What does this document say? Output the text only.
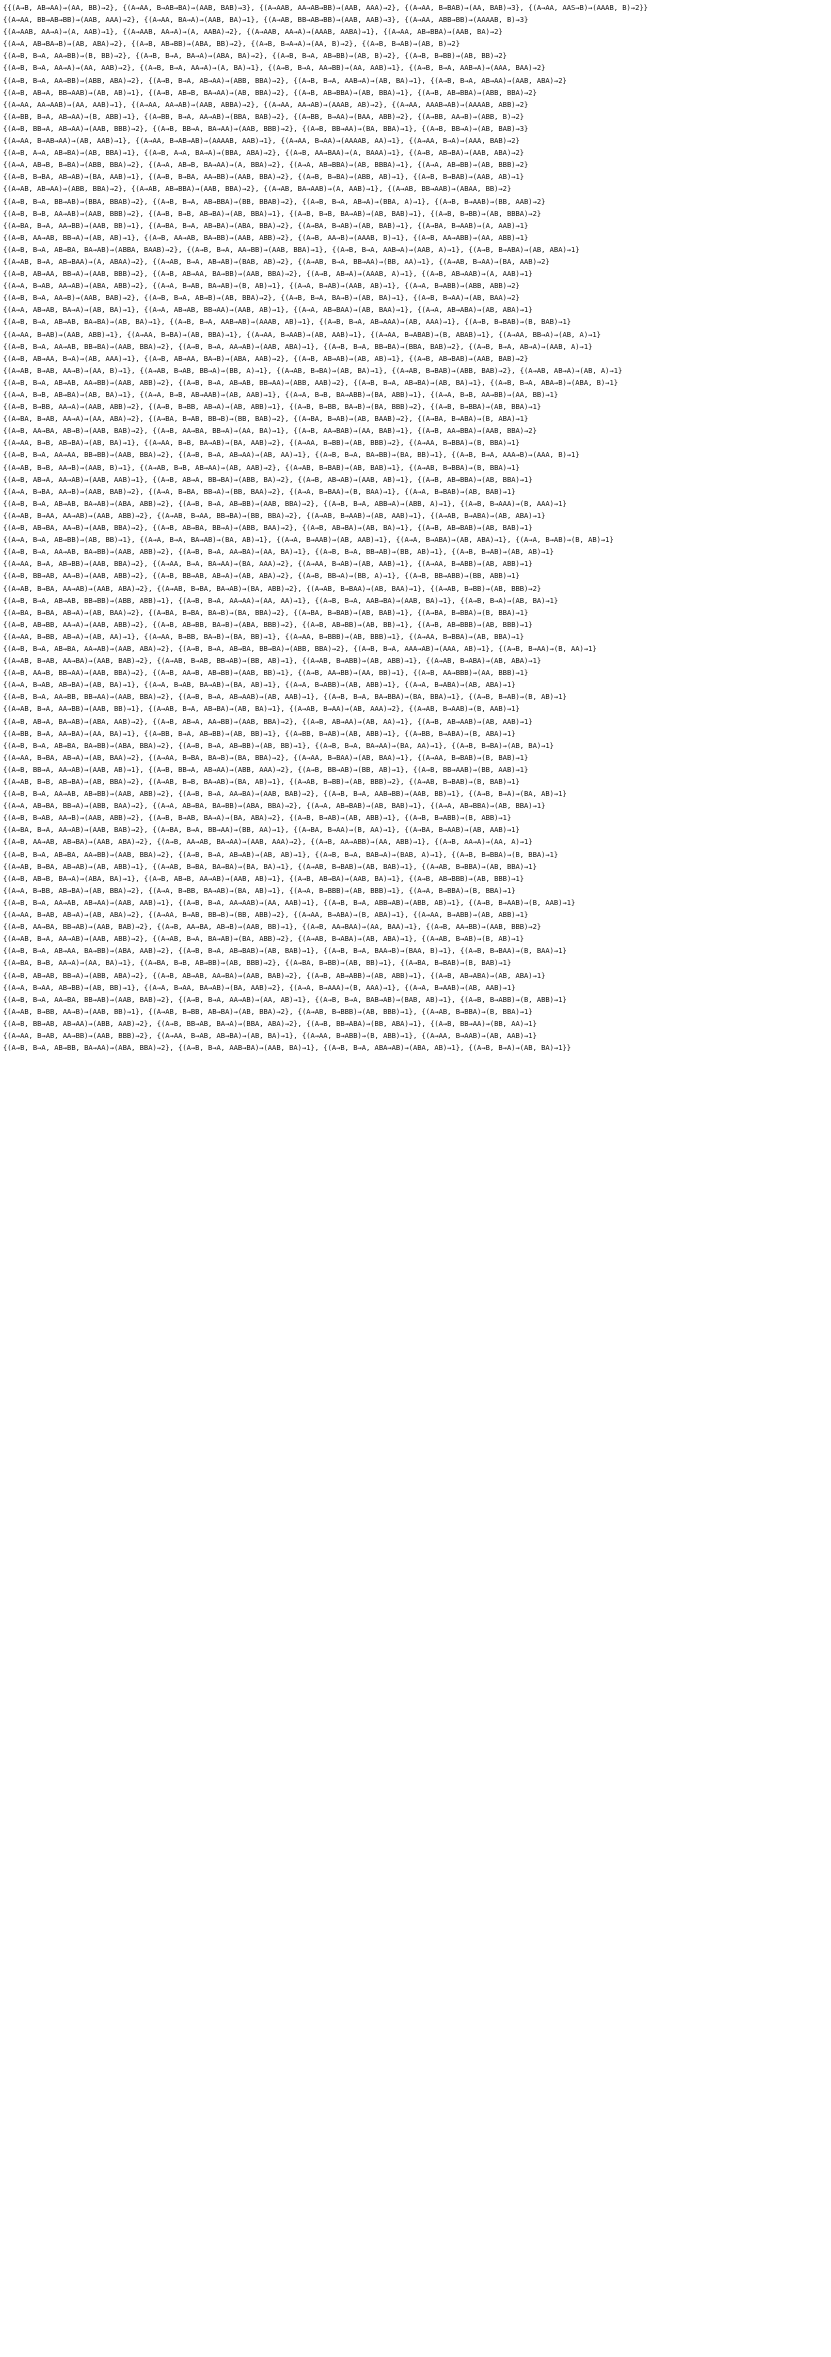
{{(A→B, AB→AA)→(AA, BB)→2}, {(A→AA, B→AB→BA)→(AAB, BAB)→3}, {(A→AAB, AA→AB→BB)→(AAB, AAA)→2}, {(A→AA, B→BAB)→(AA, BAB)→3}, {(A→AA, AAS→B)→(AAAB, B)→2}}
{(A→AA, BB→AB→BB)→(AAB, AAA)→2}, {(A→AA, BA→A)→(AAB, BA)→1}, {(A→AB, BB→AB→BB)→(AAB, AAB)→3}, {(A→AA, ABB→BB)→(AAAAB, B)→3}
{(A→AAB, AA→A)→(A, AAB)→1}, {(A→AAB, AA→A)→(A, AABA)→2}, {(A→AAB, AA→A)→(AAAB, AABA)→1}, {(A→AA, AB→BBA)→(AAB, BA)→2}
{(A→A, AB→BA→B)→(AB, ABA)→2}, {(A→B, AB→BB)→(ABA, BB)→2}, {(A→B, B→A→A)→(AA, B)→2}, {(A→B, B→AB)→(AB, B)→2}
{(A→B, B→A, AA→BB)→(B, BB)→2}, {(A→B, B→A, BA→A)→(ABA, BA)→2}, {(A→B, B→A, AB→BB)→(AB, B)→2}, {(A→B, B→BB)→(AB, BB)→2}
{(A→B, B→A, AA→A)→(AA, AAB)→2}, {(A→B, B→A, AA→A)→(A, BA)→1}, {(A→B, B→A, AA→BB)→(AA, AAB)→1}, {(A→B, B→A, AAB→A)→(AAA, BAA)→2}
{(A→B, B→A, AA→BB)→(ABB, ABA)→2}, {(A→B, B→A, AB→AA)→(ABB, BBA)→2}, {(A→B, B→A, AAB→A)→(AB, BA)→1}, {(A→B, B→A, AB→AA)→(AAB, ABA)→2}
{(A→B, AB→A, BB→AAB)→(AB, AB)→1}, {(A→B, AB→B, BA→AA)→(AB, BBA)→2}, {(A→B, AB→BBA)→(AB, BBA)→1}, {(A→B, AB→BBA)→(ABB, BBA)→2}
{(A→AA, AA→AAB)→(AA, AAB)→1}, {(A→AA, AA→AB)→(AAB, ABBA)→2}, {(A→AA, AA→AB)→(AAAB, AB)→2}, {(A→AA, AAAB→AB)→(AAAAB, ABB)→2}
{(A→BB, B→A, AB→AA)→(B, ABB)→1}, {(A→BB, B→A, AA→AB)→(BBA, BAB)→2}, {(A→BB, B→AA)→(BAA, ABB)→2}, {(A→BB, AA→B)→(ABB, B)→2}
{(A→B, BB→A, AB→AA)→(AAB, BBB)→2}, {(A→B, BB→A, BA→AA)→(AAB, BBB)→2}, {(A→B, BB→AA)→(BA, BBA)→1}, {(A→B, BB→A)→(AB, BAB)→3}
{(A→AA, B→AB→AA)→(AB, AAB)→1}, {(A→AA, B→AB→AB)→(AAAAB, AAB)→1}, {(A→AA, B→AA)→(AAAAB, AA)→1}, {(A→AA, B→A)→(AAA, BAB)→2}
{(A→B, A→A, AB→BA)→(AB, BBA)→1}, {(A→B, A→A, BA→A)→(BBA, ABA)→2}, {(A→B, AA→BAA)→(A, BAAA)→1}, {(A→B, AB→BA)→(AAB, ABA)→2}
{(A→A, AB→B, B→BA)→(ABB, BBA)→2}, {(A→A, AB→B, BA→AA)→(A, BBA)→2}, {(A→A, AB→BBA)→(AB, BBBA)→1}, {(A→A, AB→BB)→(AB, BBB)→2}
{(A→B, B→BA, AB→AB)→(BA, AAB)→1}, {(A→B, B→BA, AA→BB)→(AAB, BBA)→2}, {(A→B, B→BA)→(ABB, AB)→1}, {(A→B, B→BAB)→(AAB, AB)→1}
{(A→AB, AB→AA)→(ABB, BBA)→2}, {(A→AB, AB→BBA)→(AAB, BBA)→2}, {(A→AB, BA→AAB)→(A, AAB)→1}, {(A→AB, BB→AAB)→(ABAA, BB)→2}
{(A→B, B→A, BB→AB)→(BBA, BBAB)→2}, {(A→B, B→A, AB→BBA)→(BB, BBAB)→2}, {(A→B, B→A, AB→A)→(BBA, A)→1}, {(A→B, B→AAB)→(BB, AAB)→2}
{(A→B, B→B, AA→AB)→(AAB, BBB)→2}, {(A→B, B→B, AB→BA)→(AB, BBA)→1}, {(A→B, B→B, BA→AB)→(AB, BAB)→1}, {(A→B, B→BB)→(AB, BBBA)→2}
{(A→BA, B→A, AA→BB)→(AAB, BB)→1}, {(A→BA, B→A, AB→BA)→(ABA, BBA)→2}, {(A→BA, B→AB)→(AB, BAB)→1}, {(A→BA, B→AAB)→(A, AAB)→1}
{(A→B, AA→AB, BB→A)→(AB, AB)→1}, {(A→B, AA→AB, BA→BB)→(AAB, ABB)→2}, {(A→B, AA→B)→(AAAB, B)→1}, {(A→B, AA→ABB)→(AA, ABB)→1}
{(A→B, B→A, AB→BA, BA→AB)→(ABBA, BAAB)→2}, {(A→B, B→A, AA→BB)→(AAB, BBA)→1}, {(A→B, B→A, AAB→A)→(AAB, A)→1}, {(A→B, B→ABA)→(AB, ABA)→1}
{(A→AB, B→A, AB→BAA)→(A, ABAA)→2}, {(A→AB, B→A, AB→AB)→(BAB, AB)→2}, {(A→AB, B→A, BB→AA)→(BB, AA)→1}, {(A→AB, B→AA)→(BA, AAB)→2}
{(A→B, AB→AA, BB→A)→(AAB, BBB)→2}, {(A→B, AB→AA, BA→BB)→(AAB, BBA)→2}, {(A→B, AB→A)→(AAAB, A)→1}, {(A→B, AB→AAB)→(A, AAB)→1}
{(A→A, B→AB, AA→AB)→(ABA, ABB)→2}, {(A→A, B→AB, BA→AB)→(B, AB)→1}, {(A→A, B→AB)→(AAB, AB)→1}, {(A→A, B→ABB)→(ABB, ABB)→2}
{(A→B, B→A, AA→B)→(AAB, BAB)→2}, {(A→B, B→A, AB→B)→(AB, BBA)→2}, {(A→B, B→A, BA→B)→(AB, BA)→1}, {(A→B, B→AA)→(AB, BAA)→2}
{(A→A, AB→AB, BA→A)→(AB, BA)→1}, {(A→A, AB→AB, BB→AA)→(AAB, AB)→1}, {(A→A, AB→BAA)→(AB, BAA)→1}, {(A→A, AB→ABA)→(AB, ABA)→1}
{(A→B, B→A, AB→AB, BA→BA)→(AB, BA)→1}, {(A→B, B→A, AAB→AB)→(AAAB, AB)→1}, {(A→B, B→A, AB→AAA)→(AB, AAA)→1}, {(A→B, B→BAB)→(B, BAB)→1}
{(A→AA, B→AB)→(AAB, ABB)→1}, {(A→AA, B→BA)→(AB, BBA)→1}, {(A→AA, B→AAB)→(AB, AAB)→1}, {(A→AA, B→ABAB)→(B, ABAB)→1}, {(A→AA, BB→A)→(AB, A)→1}
{(A→B, B→A, AA→AB, BB→BA)→(AAB, BBA)→2}, {(A→B, B→A, AA→AB)→(AAB, ABA)→1}, {(A→B, B→A, BB→BA)→(BBA, BAB)→2}, {(A→B, B→A, AB→A)→(AAB, A)→1}
{(A→B, AB→AA, B→A)→(AB, AAA)→1}, {(A→B, AB→AA, BA→B)→(ABA, AAB)→2}, {(A→B, AB→AB)→(AB, AB)→1}, {(A→B, AB→BAB)→(AAB, BAB)→2}
{(A→AB, B→AB, AA→B)→(AA, B)→1}, {(A→AB, B→AB, BB→A)→(BB, A)→1}, {(A→AB, B→BA)→(AB, BA)→1}, {(A→AB, B→BAB)→(ABB, BAB)→2}, {(A→AB, AB→A)→(AB, A)→1}
{(A→B, B→A, AB→AB, AA→BB)→(AAB, ABB)→2}, {(A→B, B→A, AB→AB, BB→AA)→(ABB, AAB)→2}, {(A→B, B→A, AB→BA)→(AB, BA)→1}, {(A→B, B→A, ABA→B)→(ABA, B)→1}
{(A→A, B→B, AB→BA)→(AB, BA)→1}, {(A→A, B→B, AB→AAB)→(AB, AAB)→1}, {(A→A, B→B, BA→ABB)→(BA, ABB)→1}, {(A→A, B→B, AA→BB)→(AA, BB)→1}
{(A→B, B→BB, AA→A)→(AAB, ABB)→2}, {(A→B, B→BB, AB→A)→(AB, ABB)→1}, {(A→B, B→BB, BA→B)→(BA, BBB)→2}, {(A→B, B→BBA)→(AB, BBA)→1}
{(A→BA, B→AB, AA→A)→(AA, ABA)→2}, {(A→BA, B→AB, BB→B)→(BB, BAB)→2}, {(A→BA, B→AB)→(AB, BAAB)→2}, {(A→BA, B→ABA)→(B, ABA)→1}
{(A→B, AA→BA, AB→B)→(AAB, BAB)→2}, {(A→B, AA→BA, BB→A)→(AA, BA)→1}, {(A→B, AA→BAB)→(AA, BAB)→1}, {(A→B, AA→BBA)→(AAB, BBA)→2}
{(A→AA, B→B, AB→BA)→(AB, BA)→1}, {(A→AA, B→B, BA→AB)→(BA, AAB)→2}, {(A→AA, B→BB)→(AB, BBB)→2}, {(A→AA, B→BBA)→(B, BBA)→1}
{(A→B, B→A, AA→AA, BB→BB)→(AAB, BBA)→2}, {(A→B, B→A, AB→AA)→(AB, AA)→1}, {(A→B, B→A, BA→BB)→(BA, BB)→1}, {(A→B, B→A, AAA→B)→(AAA, B)→1}
{(A→AB, B→B, AA→B)→(AAB, B)→1}, {(A→AB, B→B, AB→AA)→(AB, AAB)→2}, {(A→AB, B→BAB)→(AB, BAB)→1}, {(A→AB, B→BBA)→(B, BBA)→1}
{(A→B, AB→A, AA→AB)→(AAB, AAB)→1}, {(A→B, AB→A, BB→BA)→(ABB, BA)→2}, {(A→B, AB→AB)→(AAB, AB)→1}, {(A→B, AB→BBA)→(AB, BBA)→1}
{(A→A, B→BA, AA→B)→(AAB, BAB)→2}, {(A→A, B→BA, BB→A)→(BB, BAA)→2}, {(A→A, B→BAA)→(B, BAA)→1}, {(A→A, B→BAB)→(AB, BAB)→1}
{(A→B, B→A, AB→AB, BA→AB)→(ABA, ABB)→2}, {(A→B, B→A, AB→BB)→(AAB, BBA)→2}, {(A→B, B→A, ABB→A)→(ABB, A)→1}, {(A→B, B→AAA)→(B, AAA)→1}
{(A→AB, B→AA, AA→AB)→(AAB, ABB)→2}, {(A→AB, B→AA, BB→BA)→(BB, BBA)→2}, {(A→AB, B→AAB)→(AB, AAB)→1}, {(A→AB, B→ABA)→(AB, ABA)→1}
{(A→B, AB→BA, AA→B)→(AAB, BBA)→2}, {(A→B, AB→BA, BB→A)→(ABB, BAA)→2}, {(A→B, AB→BA)→(AB, BA)→1}, {(A→B, AB→BAB)→(AB, BAB)→1}
{(A→A, B→A, AB→BB)→(AB, BB)→1}, {(A→A, B→A, BA→AB)→(BA, AB)→1}, {(A→A, B→AAB)→(AB, AAB)→1}, {(A→A, B→ABA)→(AB, ABA)→1}, {(A→A, B→AB)→(B, AB)→1}
{(A→B, B→A, AA→AB, BA→BB)→(AAB, ABB)→2}, {(A→B, B→A, AA→BA)→(AA, BA)→1}, {(A→B, B→A, BB→AB)→(BB, AB)→1}, {(A→B, B→AB)→(AB, AB)→1}
{(A→AA, B→A, AB→BB)→(AAB, BBA)→2}, {(A→AA, B→A, BA→AA)→(BA, AAA)→2}, {(A→AA, B→AB)→(AB, AAB)→1}, {(A→AA, B→ABB)→(AB, ABB)→1}
{(A→B, BB→AB, AA→B)→(AAB, ABB)→2}, {(A→B, BB→AB, AB→A)→(AB, ABA)→2}, {(A→B, BB→A)→(BB, A)→1}, {(A→B, BB→ABB)→(BB, ABB)→1}
{(A→AB, B→BA, AA→AB)→(AAB, ABA)→2}, {(A→AB, B→BA, BA→AB)→(BA, ABB)→2}, {(A→AB, B→BAA)→(AB, BAA)→1}, {(A→AB, B→BB)→(AB, BBB)→2}
{(A→B, B→A, AB→AB, BB→BB)→(ABB, ABB)→1}, {(A→B, B→A, AA→AA)→(AA, AA)→1}, {(A→B, B→A, AAB→BA)→(AAB, BA)→1}, {(A→B, B→A)→(AB, BA)→1}
{(A→BA, B→BA, AB→A)→(AB, BAA)→2}, {(A→BA, B→BA, BA→B)→(BA, BBA)→2}, {(A→BA, B→BAB)→(AB, BAB)→1}, {(A→BA, B→BBA)→(B, BBA)→1}
{(A→B, AB→BB, AA→A)→(AAB, ABB)→2}, {(A→B, AB→BB, BA→B)→(ABA, BBB)→2}, {(A→B, AB→BB)→(AB, BB)→1}, {(A→B, AB→BBB)→(AB, BBB)→1}
{(A→AA, B→BB, AB→A)→(AB, AA)→1}, {(A→AA, B→BB, BA→B)→(BA, BB)→1}, {(A→AA, B→BBB)→(AB, BBB)→1}, {(A→AA, B→BBA)→(AB, BBA)→1}
{(A→B, B→A, AB→BA, AA→AB)→(AAB, ABA)→2}, {(A→B, B→A, AB→BA, BB→BA)→(ABB, BBA)→2}, {(A→B, B→A, AAA→AB)→(AAA, AB)→1}, {(A→B, B→AA)→(B, AA)→1}
{(A→AB, B→AB, AA→BA)→(AAB, BAB)→2}, {(A→AB, B→AB, BB→AB)→(BB, AB)→1}, {(A→AB, B→ABB)→(AB, ABB)→1}, {(A→AB, B→ABA)→(AB, ABA)→1}
{(A→B, AA→B, BB→AA)→(AAB, BBA)→2}, {(A→B, AA→B, AB→BB)→(AAB, BB)→1}, {(A→B, AA→BB)→(AA, BB)→1}, {(A→B, AA→BBB)→(AA, BBB)→1}
{(A→A, B→AB, AB→BA)→(AB, BA)→1}, {(A→A, B→AB, BA→AB)→(BA, AB)→1}, {(A→A, B→ABB)→(AB, ABB)→1}, {(A→A, B→ABA)→(AB, ABA)→1}
{(A→B, B→A, AA→BB, BB→AA)→(AAB, BBA)→2}, {(A→B, B→A, AB→AAB)→(AB, AAB)→1}, {(A→B, B→A, BA→BBA)→(BA, BBA)→1}, {(A→B, B→AB)→(B, AB)→1}
{(A→AB, B→A, AA→BB)→(AAB, BB)→1}, {(A→AB, B→A, AB→BA)→(AB, BA)→1}, {(A→AB, B→AA)→(AB, AAA)→2}, {(A→AB, B→AAB)→(B, AAB)→1}
{(A→B, AB→A, BA→AB)→(ABA, AAB)→2}, {(A→B, AB→A, AA→BB)→(AAB, BBA)→2}, {(A→B, AB→AA)→(AB, AA)→1}, {(A→B, AB→AAB)→(AB, AAB)→1}
{(A→BB, B→A, AA→BA)→(AA, BA)→1}, {(A→BB, B→A, AB→BB)→(AB, BB)→1}, {(A→BB, B→AB)→(AB, ABB)→1}, {(A→BB, B→ABA)→(B, ABA)→1}
{(A→B, B→A, AB→BA, BA→BB)→(ABA, BBA)→2}, {(A→B, B→A, AB→BB)→(AB, BB)→1}, {(A→B, B→A, BA→AA)→(BA, AA)→1}, {(A→B, B→BA)→(AB, BA)→1}
{(A→AA, B→BA, AB→A)→(AB, BAA)→2}, {(A→AA, B→BA, BA→B)→(BA, BBA)→2}, {(A→AA, B→BAA)→(AB, BAA)→1}, {(A→AA, B→BAB)→(B, BAB)→1}
{(A→B, BB→A, AA→AB)→(AAB, AB)→1}, {(A→B, BB→A, AB→AA)→(ABB, AAA)→2}, {(A→B, BB→AB)→(BB, AB)→1}, {(A→B, BB→AAB)→(BB, AAB)→1}
{(A→AB, B→B, AB→BA)→(AB, BBA)→2}, {(A→AB, B→B, BA→AB)→(BA, AB)→1}, {(A→AB, B→BB)→(AB, BBB)→2}, {(A→AB, B→BAB)→(B, BAB)→1}
{(A→B, B→A, AA→AB, AB→BB)→(AAB, ABB)→2}, {(A→B, B→A, AA→BA)→(AAB, BAB)→2}, {(A→B, B→A, AAB→BB)→(AAB, BB)→1}, {(A→B, B→A)→(BA, AB)→1}
{(A→A, AB→BA, BB→A)→(ABB, BAA)→2}, {(A→A, AB→BA, BA→BB)→(ABA, BBA)→2}, {(A→A, AB→BAB)→(AB, BAB)→1}, {(A→A, AB→BBA)→(AB, BBA)→1}
{(A→B, B→AB, AA→B)→(AAB, ABB)→2}, {(A→B, B→AB, BA→A)→(BA, ABA)→2}, {(A→B, B→AB)→(AB, ABB)→1}, {(A→B, B→ABB)→(B, ABB)→1}
{(A→BA, B→A, AA→AB)→(AAB, BAB)→2}, {(A→BA, B→A, BB→AA)→(BB, AA)→1}, {(A→BA, B→AA)→(B, AA)→1}, {(A→BA, B→AAB)→(AB, AAB)→1}
{(A→B, AA→AB, AB→BA)→(AAB, ABA)→2}, {(A→B, AA→AB, BA→AA)→(AAB, AAA)→2}, {(A→B, AA→ABB)→(AA, ABB)→1}, {(A→B, AA→A)→(AA, A)→1}
{(A→B, B→A, AB→BA, AA→BB)→(AAB, BBA)→2}, {(A→B, B→A, AB→AB)→(AB, AB)→1}, {(A→B, B→A, BAB→A)→(BAB, A)→1}, {(A→B, B→BBA)→(B, BBA)→1}
{(A→AB, B→BA, AB→AB)→(AB, ABB)→1}, {(A→AB, B→BA, BA→BA)→(BA, BA)→1}, {(A→AB, B→BAB)→(AB, BAB)→1}, {(A→AB, B→BBA)→(AB, BBA)→1}
{(A→B, AB→B, BA→A)→(ABA, BA)→1}, {(A→B, AB→B, AA→AB)→(AAB, AB)→1}, {(A→B, AB→BA)→(AAB, BA)→1}, {(A→B, AB→BBB)→(AB, BBB)→1}
{(A→A, B→BB, AB→BA)→(AB, BBA)→2}, {(A→A, B→BB, BA→AB)→(BA, AB)→1}, {(A→A, B→BBB)→(AB, BBB)→1}, {(A→A, B→BBA)→(B, BBA)→1}
{(A→B, B→A, AA→AB, AB→AA)→(AAB, AAB)→1}, {(A→B, B→A, AA→AAB)→(AA, AAB)→1}, {(A→B, B→A, ABB→AB)→(ABB, AB)→1}, {(A→B, B→AAB)→(B, AAB)→1}
{(A→AA, B→AB, AB→A)→(AB, ABA)→2}, {(A→AA, B→AB, BB→B)→(BB, ABB)→2}, {(A→AA, B→ABA)→(B, ABA)→1}, {(A→AA, B→ABB)→(AB, ABB)→1}
{(A→B, AA→BA, BB→AB)→(AAB, BAB)→2}, {(A→B, AA→BA, AB→B)→(AAB, BB)→1}, {(A→B, AA→BAA)→(AA, BAA)→1}, {(A→B, AA→BB)→(AAB, BBB)→2}
{(A→AB, B→A, AA→AB)→(AAB, ABB)→2}, {(A→AB, B→A, BA→AB)→(BA, ABB)→2}, {(A→AB, B→ABA)→(AB, ABA)→1}, {(A→AB, B→AB)→(B, AB)→1}
{(A→B, B→A, AB→AA, BA→BB)→(ABA, AAB)→2}, {(A→B, B→A, AB→BAB)→(AB, BAB)→1}, {(A→B, B→A, BAA→B)→(BAA, B)→1}, {(A→B, B→BAA)→(B, BAA)→1}
{(A→BA, B→B, AA→A)→(AA, BA)→1}, {(A→BA, B→B, AB→BB)→(AB, BBB)→2}, {(A→BA, B→BB)→(AB, BB)→1}, {(A→BA, B→BAB)→(B, BAB)→1}
{(A→B, AB→AB, BB→A)→(ABB, ABA)→2}, {(A→B, AB→AB, AA→BA)→(AAB, BAB)→2}, {(A→B, AB→ABB)→(AB, ABB)→1}, {(A→B, AB→ABA)→(AB, ABA)→1}
{(A→A, B→AA, AB→BB)→(AB, BB)→1}, {(A→A, B→AA, BA→AB)→(BA, AAB)→2}, {(A→A, B→AAA)→(B, AAA)→1}, {(A→A, B→AAB)→(AB, AAB)→1}
{(A→B, B→A, AA→BA, BB→AB)→(AAB, BAB)→2}, {(A→B, B→A, AA→AB)→(AA, AB)→1}, {(A→B, B→A, BAB→AB)→(BAB, AB)→1}, {(A→B, B→ABB)→(B, ABB)→1}
{(A→AB, B→BB, AA→B)→(AAB, BB)→1}, {(A→AB, B→BB, AB→BA)→(AB, BBA)→2}, {(A→AB, B→BBB)→(AB, BBB)→1}, {(A→AB, B→BBA)→(B, BBA)→1}
{(A→B, BB→AB, AB→AA)→(ABB, AAB)→2}, {(A→B, BB→AB, BA→A)→(BBA, ABA)→2}, {(A→B, BB→ABA)→(BB, ABA)→1}, {(A→B, BB→AA)→(BB, AA)→1}
{(A→AA, B→AB, AA→BB)→(AAB, BBB)→2}, {(A→AA, B→AB, AB→BA)→(AB, BA)→1}, {(A→AA, B→ABB)→(B, ABB)→1}, {(A→AA, B→AAB)→(AB, AAB)→1}
{(A→B, B→A, AB→BB, BA→AA)→(ABA, BBA)→2}, {(A→B, B→A, AAB→BA)→(AAB, BA)→1}, {(A→B, B→A, ABA→AB)→(ABA, AB)→1}, {(A→B, B→A)→(AB, BA)→1}}
